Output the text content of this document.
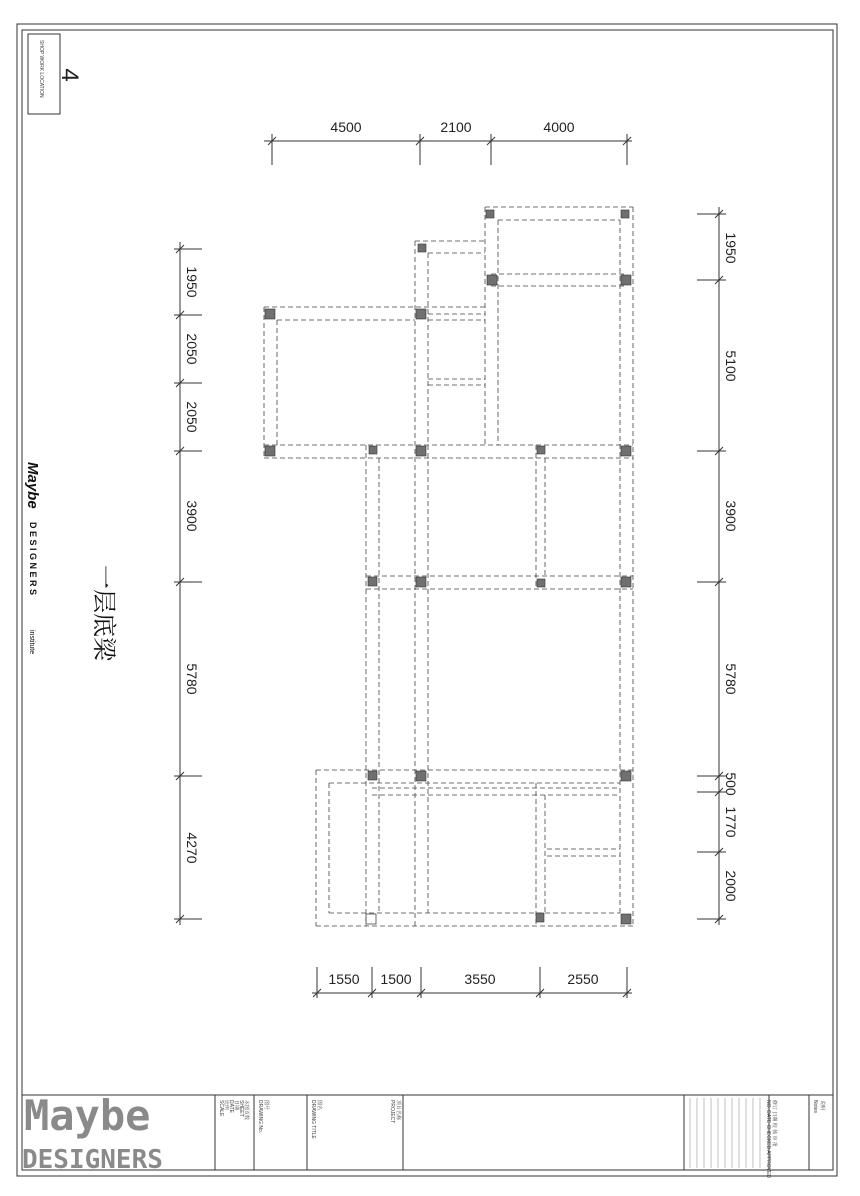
SHOP WORK LOCATION 4
Maybe
D E S I G N E R S
institute 一层底梁
4500	2100	4000
1550 1500	3550	2550
1950
2050
2050
3900
5780
4270
1950
5100
3900
5780
500
1770
2000
Maybe
DESIGNERS
SCALE 比例 DATE 日期 SHEET 本图页数 DRAWING No. 图号	DRAWING TITLE 图名	PROJECT 项目名称	修订 日期 校 核 审 批
NO. DATE CHECKED APPROVED	Notes 说明
